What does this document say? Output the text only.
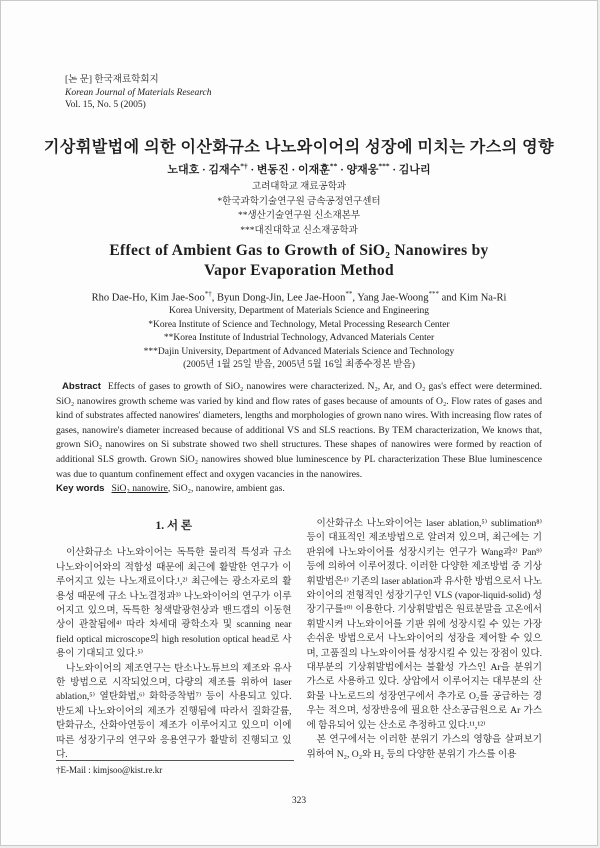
[논 문] 한국재료학회지
Korean Journal of Materials Research
Vol. 15, No. 5 (2005)
기상휘발법에 의한 이산화규소 나노와이어의 성장에 미치는 가스의 영향
노대호 · 김재수*† · 변동진 · 이재훈** · 양재웅*** · 김나리
고려대학교 재료공학과
*한국과학기술연구원 금속공정연구센터
**생산기술연구원 신소재본부
***대진대학교 신소재공학과
Effect of Ambient Gas to Growth of SiO₂ Nanowires by
Vapor Evaporation Method
Rho Dae-Ho, Kim Jae-Soo*†, Byun Dong-Jin, Lee Jae-Hoon**, Yang Jae-Woong*** and Kim Na-Ri
Korea University, Department of Materials Science and Engineering
*Korea Institute of Science and Technology, Metal Processing Research Center
**Korea Institute of Industrial Technology, Advanced Materials Center
***Dajin University, Department of Advanced Materials Science and Technology
(2005년 1월 25일 받음, 2005년 5월 16일 최종수정본 받음)

Abstract Effects of gases to growth of SiO₂ nanowires were characterized. N₂, Ar, and O₂ gas's effect were determined. SiO₂ nanowires growth scheme was varied by kind and flow rates of gases because of amounts of O₂. Flow rates of gases and kind of substrates affected nanowires' diameters, lengths and morphologies of grown nano wires. With increasing flow rates of gases, nanowire's diameter increased because of additional VS and SLS reactions. By TEM characterization, We knows that, grown SiO₂ nanowires on Si substrate showed two shell structures. These shapes of nanowires were formed by reaction of additional SLS growth. Grown SiO₂ nanowires showed blue luminescence by PL characterization These Blue luminescence was due to quantum confinement effect and oxygen vacancies in the nanowires.

Key words SiO₂ nanowire, SiO₂, nanowire, ambient gas.
1. 서 론

이산화규소 나노와이어는 독특한 물리적 특성과 규소 나노와이어와의 적합성 때문에 최근에 활발한 연구가 이루어지고 있는 나노재료이다.¹,²⁾ 최근에는 광소자로의 활용성 때문에 규소 나노결정과³⁾ 나노와이어의 연구가 이루어지고 있으며, 독특한 청색발광현상과 밴드갭의 이동현상이 관찰됨에⁴⁾ 따라 차세대 광학소자 및 scanning near field optical microscope의 high resolution optical head로 사용이 기대되고 있다.⁵⁾

나노와이어의 제조연구는 탄소나노튜브의 제조와 유사한 방법으로 시작되었으며, 다량의 제조를 위하여 laser ablation,⁵⁾ 열탄화법,⁶⁾ 화학증착법⁷⁾ 등이 사용되고 있다. 반도체 나노와이어의 제조가 진행됨에 따라서 질화갈륨, 탄화규소, 산화아연등이 제조가 이루어지고 있으미 이에 따른 성장기구의 연구와 응용연구가 활발히 진행되고 있다.

이산화규소 나노와이어는 laser ablation,⁵⁾ sublimation⁸⁾ 등이 대표적인 제조방법으로 알려져 있으며, 최근에는 기판위에 나노와이어를 성장시키는 연구가 Wang과²⁾ Pan⁹⁾ 등에 의하여 이루어졌다. 이러한 다양한 제조방법 중 기상휘발법은¹⁾ 기존의 laser ablation과 유사한 방법으로서 나노와이어의 전형적인 성장기구인 VLS (vapor-liquid-solid) 성장기구를¹⁰⁾ 이용한다. 기상휘발법은 원료분말을 고온에서 휘발시켜 나노와이어를 기판 위에 성장시킬 수 있는 가장 손쉬운 방법으로서 나노와이어의 성장을 제어할 수 있으며, 고품질의 나노와이어를 성장시킬 수 있는 장점이 있다. 대부분의 기상휘발법에서는 불활성 가스인 Ar을 분위기 가스로 사용하고 있다. 상압에서 이루어지는 대부분의 산화물 나노로드의 성장연구에서 추가로 O₂를 공급하는 경우는 적으며, 성장반응에 필요한 산소공급원으로 Ar 가스에 함유되어 있는 산소로 추정하고 있다.¹¹,¹²⁾

본 연구에서는 이러한 분위기 가스의 영향을 살펴보기 위하여 N₂, O₂와 H₂ 등의 다양한 분위기 가스를 이용

†E-Mail : kimjsoo@kist.re.kr
323
